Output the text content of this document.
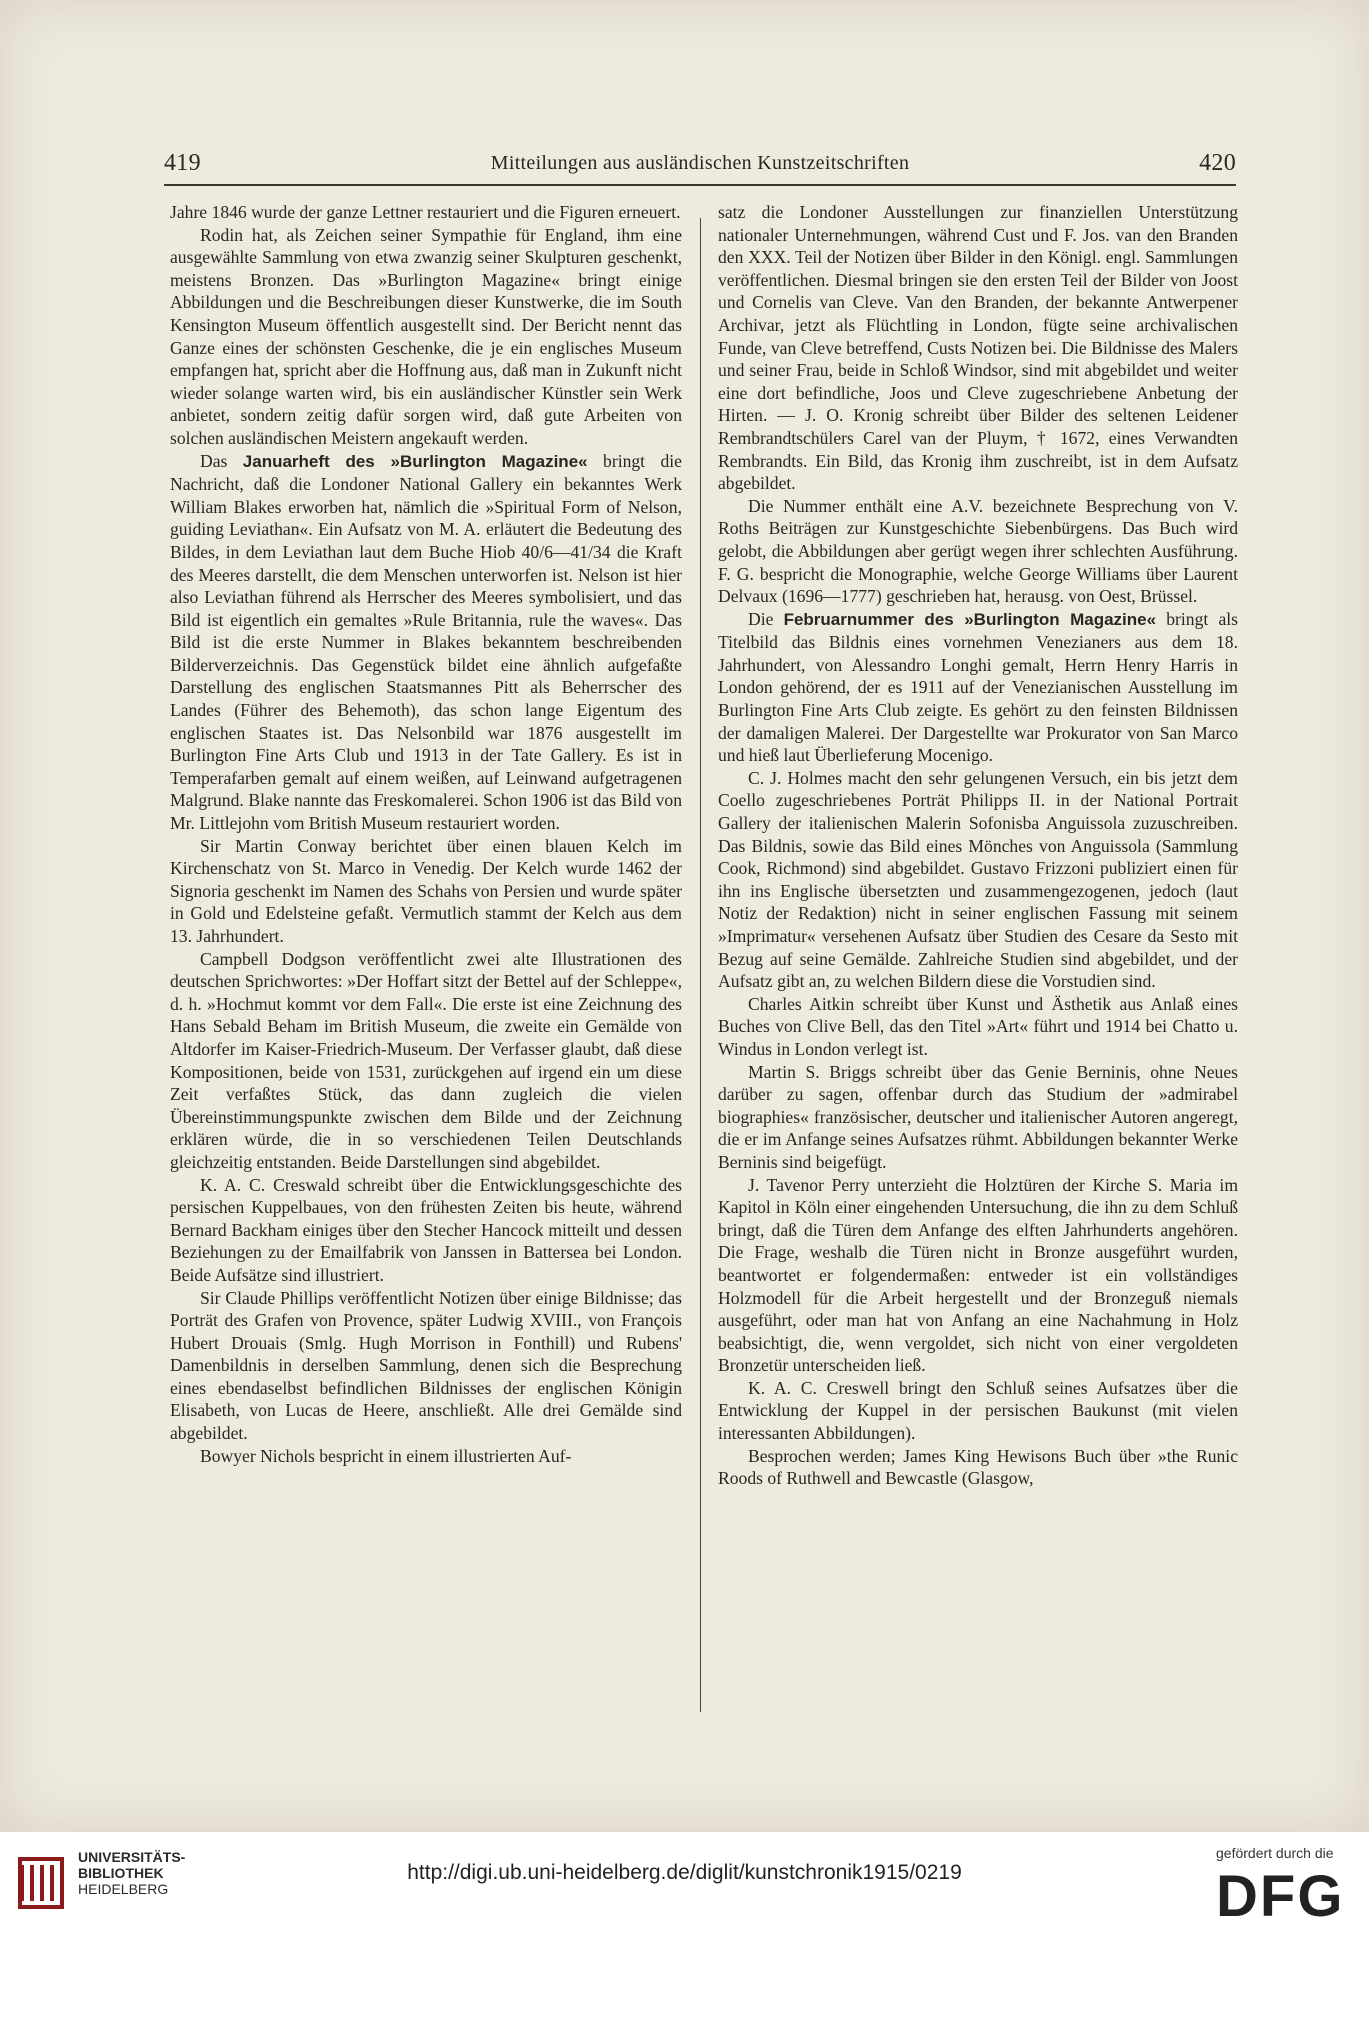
419	Mitteilungen aus ausländischen Kunstzeitschriften	420

Jahre 1846 wurde der ganze Lettner restauriert und die Figuren erneuert.

Rodin hat, als Zeichen seiner Sympathie für England, ihm eine ausgewählte Sammlung von etwa zwanzig seiner Skulpturen geschenkt, meistens Bronzen. Das »Burlington Magazine« bringt einige Abbildungen und die Beschreibungen dieser Kunstwerke, die im South Kensington Museum öffentlich ausgestellt sind. Der Bericht nennt das Ganze eines der schönsten Geschenke, die je ein englisches Museum empfangen hat, spricht aber die Hoffnung aus, daß man in Zukunft nicht wieder solange warten wird, bis ein ausländischer Künstler sein Werk anbietet, sondern zeitig dafür sorgen wird, daß gute Arbeiten von solchen ausländischen Meistern angekauft werden.

Das Januarheft des »Burlington Magazine« bringt die Nachricht, daß die Londoner National Gallery ein bekanntes Werk William Blakes erworben hat, nämlich die »Spiritual Form of Nelson, guiding Leviathan«. Ein Aufsatz von M. A. erläutert die Bedeutung des Bildes, in dem Leviathan laut dem Buche Hiob 40/6—41/34 die Kraft des Meeres darstellt, die dem Menschen unterworfen ist. Nelson ist hier also Leviathan führend als Herrscher des Meeres symbolisiert, und das Bild ist eigentlich ein gemaltes »Rule Britannia, rule the waves«. Das Bild ist die erste Nummer in Blakes bekanntem beschreibenden Bilderverzeichnis. Das Gegenstück bildet eine ähnlich aufgefaßte Darstellung des englischen Staatsmannes Pitt als Beherrscher des Landes (Führer des Behemoth), das schon lange Eigentum des englischen Staates ist. Das Nelsonbild war 1876 ausgestellt im Burlington Fine Arts Club und 1913 in der Tate Gallery. Es ist in Temperafarben gemalt auf einem weißen, auf Leinwand aufgetragenen Malgrund. Blake nannte das Freskomalerei. Schon 1906 ist das Bild von Mr. Littlejohn vom British Museum restauriert worden.

Sir Martin Conway berichtet über einen blauen Kelch im Kirchenschatz von St. Marco in Venedig. Der Kelch wurde 1462 der Signoria geschenkt im Namen des Schahs von Persien und wurde später in Gold und Edelsteine gefaßt. Vermutlich stammt der Kelch aus dem 13. Jahrhundert.

Campbell Dodgson veröffentlicht zwei alte Illustrationen des deutschen Sprichwortes: »Der Hoffart sitzt der Bettel auf der Schleppe«, d. h. »Hochmut kommt vor dem Fall«. Die erste ist eine Zeichnung des Hans Sebald Beham im British Museum, die zweite ein Gemälde von Altdorfer im Kaiser-Friedrich-Museum. Der Verfasser glaubt, daß diese Kompositionen, beide von 1531, zurückgehen auf irgend ein um diese Zeit verfaßtes Stück, das dann zugleich die vielen Übereinstimmungspunkte zwischen dem Bilde und der Zeichnung erklären würde, die in so verschiedenen Teilen Deutschlands gleichzeitig entstanden. Beide Darstellungen sind abgebildet.

K. A. C. Creswald schreibt über die Entwicklungsgeschichte des persischen Kuppelbaues, von den frühesten Zeiten bis heute, während Bernard Backham einiges über den Stecher Hancock mitteilt und dessen Beziehungen zu der Emailfabrik von Janssen in Battersea bei London. Beide Aufsätze sind illustriert.

Sir Claude Phillips veröffentlicht Notizen über einige Bildnisse; das Porträt des Grafen von Provence, später Ludwig XVIII., von François Hubert Drouais (Smlg. Hugh Morrison in Fonthill) und Rubens' Damenbildnis in derselben Sammlung, denen sich die Besprechung eines ebendaselbst befindlichen Bildnisses der englischen Königin Elisabeth, von Lucas de Heere, anschließt. Alle drei Gemälde sind abgebildet.

Bowyer Nichols bespricht in einem illustrierten Auf-

satz die Londoner Ausstellungen zur finanziellen Unterstützung nationaler Unternehmungen, während Cust und F. Jos. van den Branden den XXX. Teil der Notizen über Bilder in den Königl. engl. Sammlungen veröffentlichen. Diesmal bringen sie den ersten Teil der Bilder von Joost und Cornelis van Cleve. Van den Branden, der bekannte Antwerpener Archivar, jetzt als Flüchtling in London, fügte seine archivalischen Funde, van Cleve betreffend, Custs Notizen bei. Die Bildnisse des Malers und seiner Frau, beide in Schloß Windsor, sind mit abgebildet und weiter eine dort befindliche, Joos und Cleve zugeschriebene Anbetung der Hirten. — J. O. Kronig schreibt über Bilder des seltenen Leidener Rembrandtschülers Carel van der Pluym, † 1672, eines Verwandten Rembrandts. Ein Bild, das Kronig ihm zuschreibt, ist in dem Aufsatz abgebildet.

Die Nummer enthält eine A.V. bezeichnete Besprechung von V. Roths Beiträgen zur Kunstgeschichte Siebenbürgens. Das Buch wird gelobt, die Abbildungen aber gerügt wegen ihrer schlechten Ausführung. F. G. bespricht die Monographie, welche George Williams über Laurent Delvaux (1696—1777) geschrieben hat, herausg. von Oest, Brüssel.

Die Februarnummer des »Burlington Magazine« bringt als Titelbild das Bildnis eines vornehmen Venezianers aus dem 18. Jahrhundert, von Alessandro Longhi gemalt, Herrn Henry Harris in London gehörend, der es 1911 auf der Venezianischen Ausstellung im Burlington Fine Arts Club zeigte. Es gehört zu den feinsten Bildnissen der damaligen Malerei. Der Dargestellte war Prokurator von San Marco und hieß laut Überlieferung Mocenigo.

C. J. Holmes macht den sehr gelungenen Versuch, ein bis jetzt dem Coello zugeschriebenes Porträt Philipps II. in der National Portrait Gallery der italienischen Malerin Sofonisba Anguissola zuzuschreiben. Das Bildnis, sowie das Bild eines Mönches von Anguissola (Sammlung Cook, Richmond) sind abgebildet. Gustavo Frizzoni publiziert einen für ihn ins Englische übersetzten und zusammengezogenen, jedoch (laut Notiz der Redaktion) nicht in seiner englischen Fassung mit seinem »Imprimatur« versehenen Aufsatz über Studien des Cesare da Sesto mit Bezug auf seine Gemälde. Zahlreiche Studien sind abgebildet, und der Aufsatz gibt an, zu welchen Bildern diese die Vorstudien sind.

Charles Aitkin schreibt über Kunst und Ästhetik aus Anlaß eines Buches von Clive Bell, das den Titel »Art« führt und 1914 bei Chatto u. Windus in London verlegt ist.

Martin S. Briggs schreibt über das Genie Berninis, ohne Neues darüber zu sagen, offenbar durch das Studium der »admirabel biographies« französischer, deutscher und italienischer Autoren angeregt, die er im Anfange seines Aufsatzes rühmt. Abbildungen bekannter Werke Berninis sind beigefügt.

J. Tavenor Perry unterzieht die Holztüren der Kirche S. Maria im Kapitol in Köln einer eingehenden Untersuchung, die ihn zu dem Schluß bringt, daß die Türen dem Anfange des elften Jahrhunderts angehören. Die Frage, weshalb die Türen nicht in Bronze ausgeführt wurden, beantwortet er folgendermaßen: entweder ist ein vollständiges Holzmodell für die Arbeit hergestellt und der Bronzeguß niemals ausgeführt, oder man hat von Anfang an eine Nachahmung in Holz beabsichtigt, die, wenn vergoldet, sich nicht von einer vergoldeten Bronzetür unterscheiden ließ.

K. A. C. Creswell bringt den Schluß seines Aufsatzes über die Entwicklung der Kuppel in der persischen Baukunst (mit vielen interessanten Abbildungen).

Besprochen werden; James King Hewisons Buch über »the Runic Roods of Ruthwell and Bewcastle (Glasgow,

UNIVERSITÄTS-
BIBLIOTHEK
HEIDELBERG
http://digi.ub.uni-heidelberg.de/diglit/kunstchronik1915/0219
gefördert durch die
DFG
